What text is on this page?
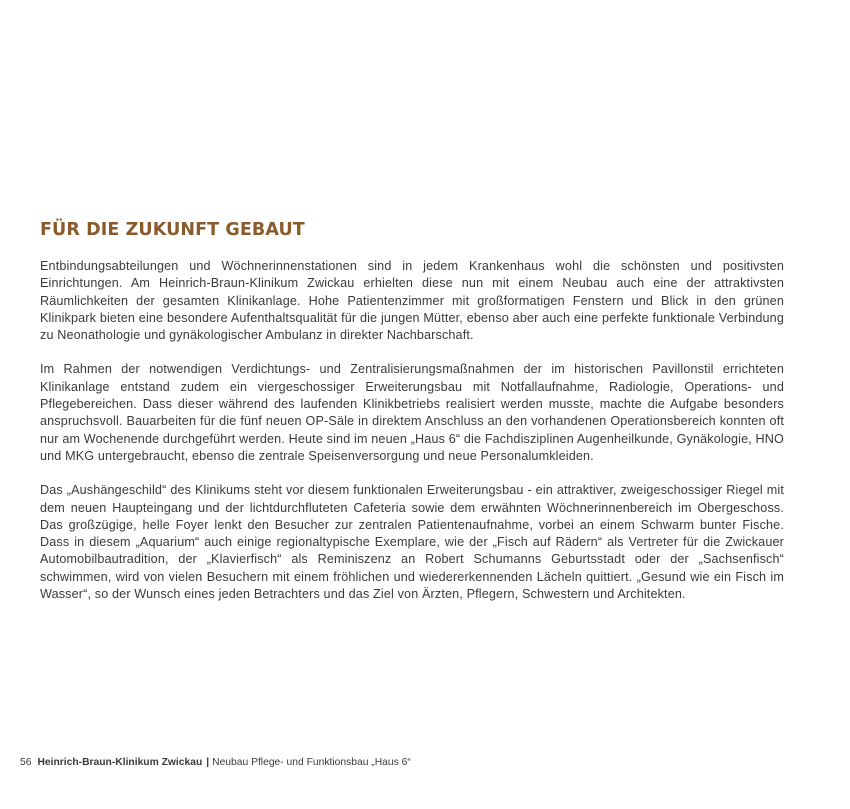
FÜR DIE ZUKUNFT GEBAUT

Entbindungsabteilungen und Wöchnerinnenstationen sind in jedem Krankenhaus wohl die schönsten und positivsten Einrichtungen. Am Heinrich-Braun-Klinikum Zwickau erhielten diese nun mit einem Neubau auch eine der attraktivsten Räumlichkeiten der gesamten Klinikanlage. Hohe Patientenzimmer mit großformatigen Fenstern und Blick in den grünen Klinikpark bieten eine besondere Aufenthaltsqualität für die jungen Mütter, ebenso aber auch eine perfekte funktionale Verbindung zu Neonathologie und gynäkologischer Ambulanz in direkter Nachbarschaft.

Im Rahmen der notwendigen Verdichtungs- und Zentralisierungsmaßnahmen der im historischen Pavillonstil errichteten Klinikanlage entstand zudem ein viergeschossiger Erweiterungsbau mit Notfallaufnahme, Radiologie, Operations- und Pflegebereichen. Dass dieser während des laufenden Klinikbetriebs realisiert werden musste, machte die Aufgabe besonders anspruchsvoll. Bauarbeiten für die fünf neuen OP-Säle in direktem Anschluss an den vorhandenen Operationsbereich konnten oft nur am Wochenende durchgeführt werden. Heute sind im neuen „Haus 6“ die Fachdisziplinen Augenheilkunde, Gynäkologie, HNO und MKG untergebraucht, ebenso die zentrale Speisenversorgung und neue Personalumkleiden.

Das „Aushängeschild“ des Klinikums steht vor diesem funktionalen Erweiterungsbau - ein attraktiver, zweigeschossiger Riegel mit dem neuen Haupteingang und der lichtdurchfluteten Cafeteria sowie dem erwähnten Wöchnerinnenbereich im Obergeschoss. Das großzügige, helle Foyer lenkt den Besucher zur zentralen Patientenaufnahme, vorbei an einem Schwarm bunter Fische. Dass in diesem „Aquarium“ auch einige regionaltypische Exemplare, wie der „Fisch auf Rädern“ als Vertreter für die Zwickauer Automobilbautradition, der „Klavierfisch“ als Reminiszenz an Robert Schumanns Geburtsstadt oder der „Sachsenfisch“ schwimmen, wird von vielen Besuchern mit einem fröhlichen und wiedererkennenden Lächeln quittiert. „Gesund wie ein Fisch im Wasser“, so der Wunsch eines jeden Betrachters und das Ziel von Ärzten, Pflegern, Schwestern und Architekten.

56 Heinrich-Braun-Klinikum Zwickau | Neubau Pflege- und Funktionsbau „Haus 6“
